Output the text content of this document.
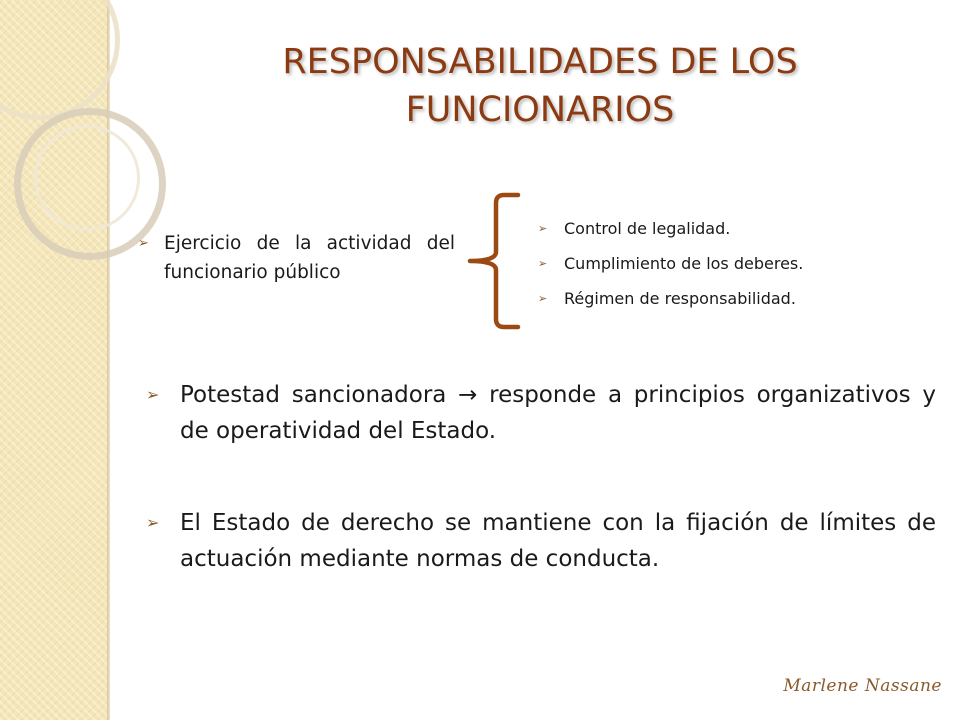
RESPONSABILIDADES DE LOS FUNCIONARIOS
➢ Ejercicio de la actividad del funcionario público
➢	Control de legalidad.
➢	Cumplimiento de los deberes.
➢	Régimen de responsabilidad.
➢ Potestad sancionadora → responde a principios organizativos y de operatividad del Estado.
➢ El Estado de derecho se mantiene con la fijación de límites de actuación mediante normas de conducta.
Marlene Nassane
